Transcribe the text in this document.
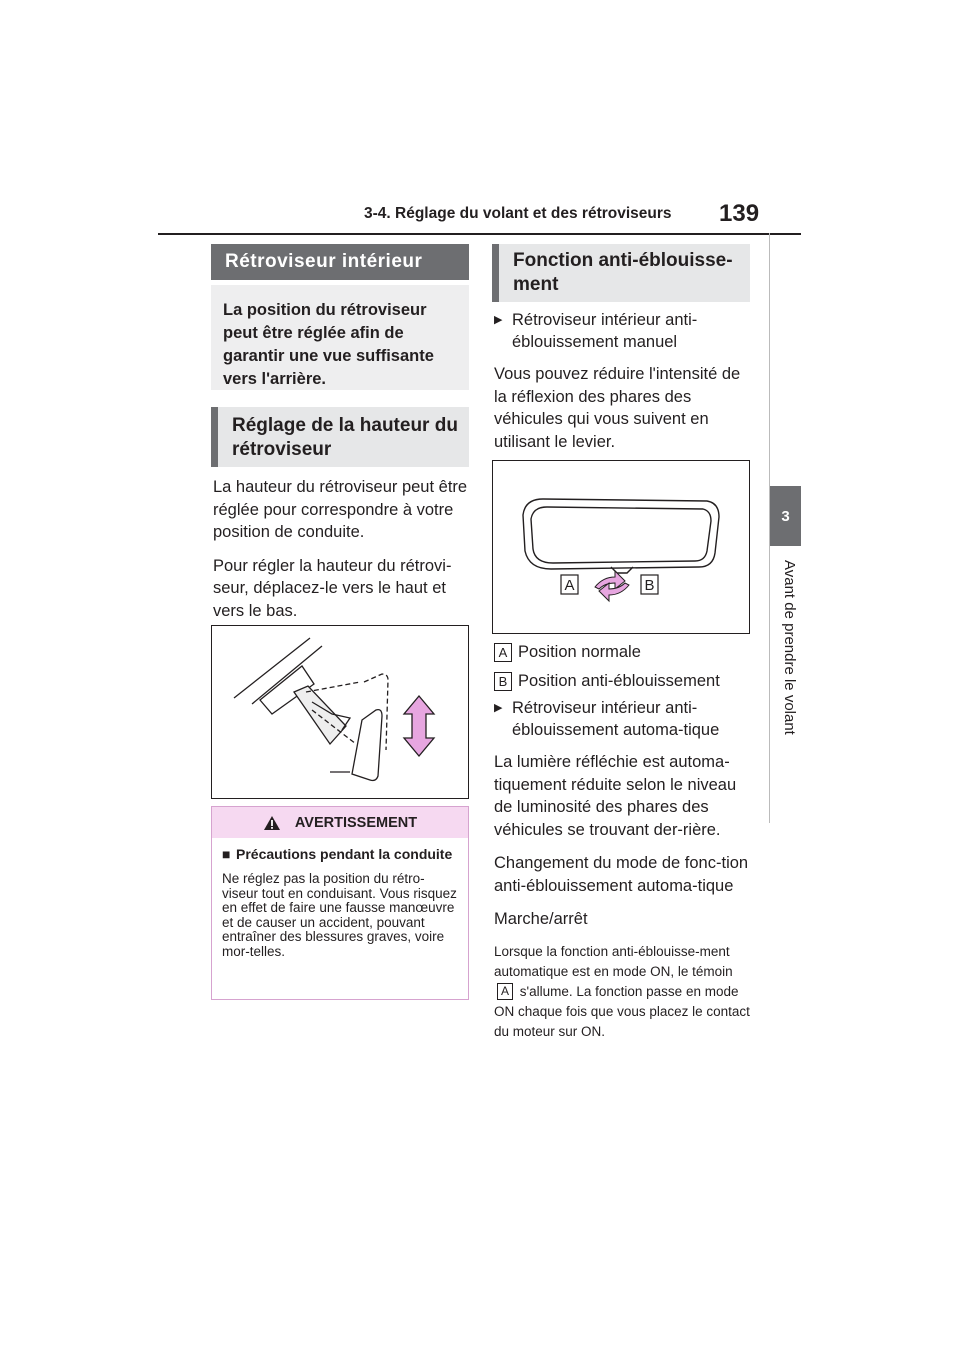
3-4. Réglage du volant et des rétroviseurs 139
3
Avant de prendre le volant
Rétroviseur intérieur
La position du rétroviseur peut être réglée afin de garantir une vue suffisante vers l'arrière.
Réglage de la hauteur du rétroviseur

La hauteur du rétroviseur peut être réglée pour correspondre à votre position de conduite.

Pour régler la hauteur du rétrovi-seur, déplacez-le vers le haut et vers le bas.

AVERTISSEMENT
■ Précautions pendant la conduite
Ne réglez pas la position du rétro-viseur tout en conduisant. Vous risquez en effet de faire une fausse manœuvre et de causer un accident, pouvant entraîner des blessures graves, voire mor-telles.
Fonction anti-éblouisse-ment
▶ Rétroviseur intérieur anti-éblouissement manuel
Vous pouvez réduire l'intensité de la réflexion des phares des véhicules qui vous suivent en utilisant le levier.
A	B
A Position normale
B Position anti-éblouissement
▶ Rétroviseur intérieur anti-éblouissement automa-tique

La lumière réfléchie est automa-tiquement réduite selon le niveau de luminosité des phares des véhicules se trouvant der-rière.

Changement du mode de fonc-tion anti-éblouissement automa-tique

Marche/arrêt

Lorsque la fonction anti-éblouisse-ment automatique est en mode ON, le témoin A s'allume. La fonction passe en mode ON chaque fois que vous placez le contact du moteur sur ON.
